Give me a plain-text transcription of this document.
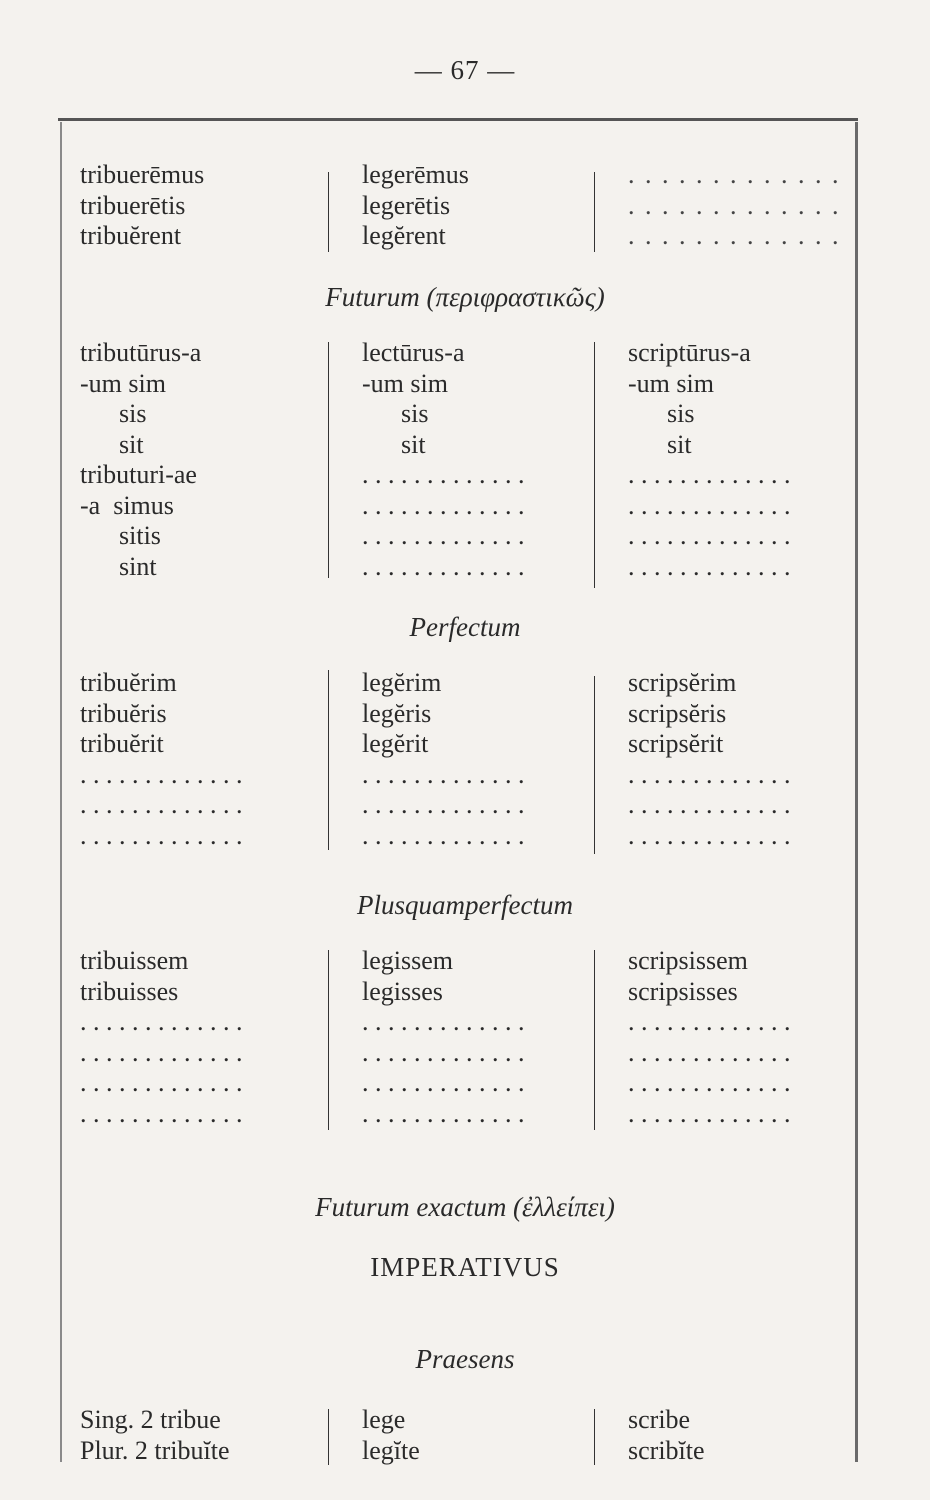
— 67 —
tribuerēmus
tribuerētis
tribuĕrent
legerēmus
legerētis
legĕrent
. . . . . . . . . . . . .
. . . . . . . . . . . . .
. . . . . . . . . . . . .
Futurum (περιφραστικῶς)
tributūrus-a
-um sim
sis
sit
tributuri-ae
-a  simus
sitis
sint
lectūrus-a
-um sim
sis
sit
. . . . . . . . . . . . .
. . . . . . . . . . . . .
. . . . . . . . . . . . .
. . . . . . . . . . . . .
scriptūrus-a
-um sim
sis
sit
. . . . . . . . . . . . .
. . . . . . . . . . . . .
. . . . . . . . . . . . .
. . . . . . . . . . . . .
Perfectum
tribuĕrim
tribuĕris
tribuĕrit
. . . . . . . . . . . . .
. . . . . . . . . . . . .
. . . . . . . . . . . . .
legĕrim
legĕris
legĕrit
. . . . . . . . . . . . .
. . . . . . . . . . . . .
. . . . . . . . . . . . .
scripsĕrim
scripsĕris
scripsĕrit
. . . . . . . . . . . . .
. . . . . . . . . . . . .
. . . . . . . . . . . . .
Plusquamperfectum
tribuissem
tribuisses
. . . . . . . . . . . . .
. . . . . . . . . . . . .
. . . . . . . . . . . . .
. . . . . . . . . . . . .
legissem
legisses
. . . . . . . . . . . . .
. . . . . . . . . . . . .
. . . . . . . . . . . . .
. . . . . . . . . . . . .
scripsissem
scripsisses
. . . . . . . . . . . . .
. . . . . . . . . . . . .
. . . . . . . . . . . . .
. . . . . . . . . . . . .
Futurum exactum (ἐλλείπει)
IMPERATIVUS
Praesens
Sing. 2 tribue
Plur. 2 tribuĭte
lege
legĭte
scribe
scribĭte
